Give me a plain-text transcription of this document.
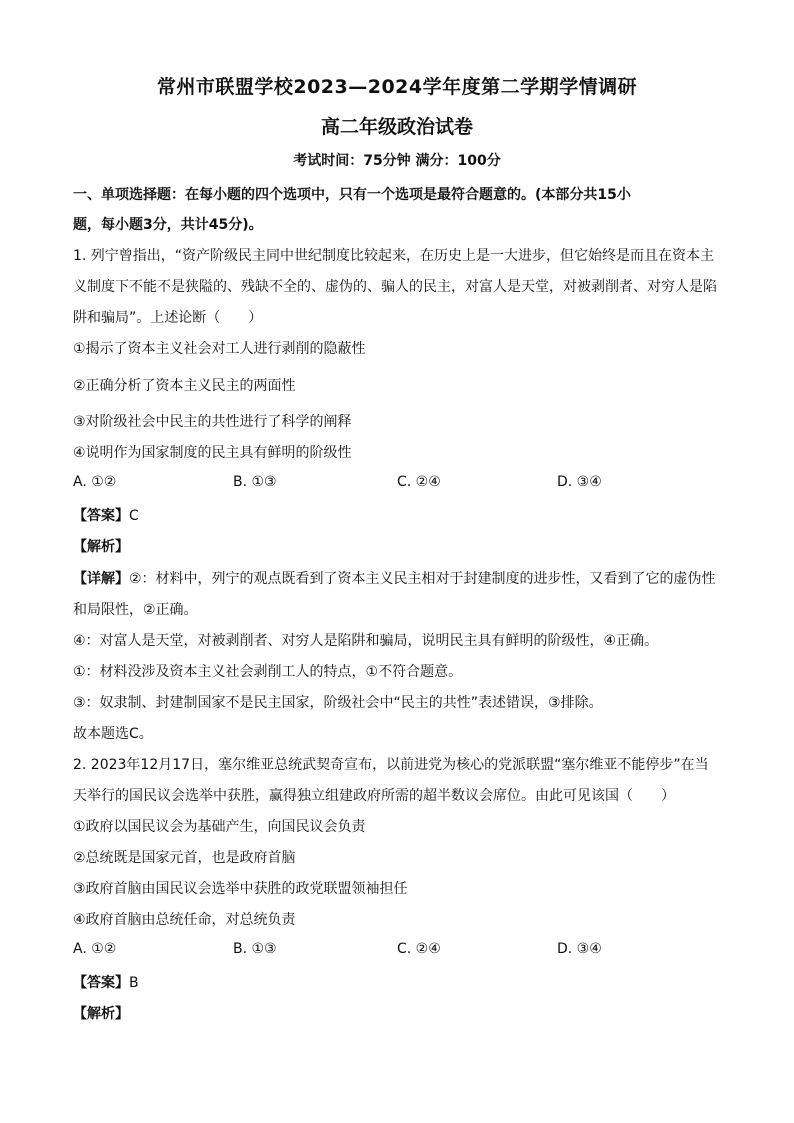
常州市联盟学校2023—2024学年度第二学期学情调研
高二年级政治试卷
考试时间：75分钟 满分：100分
一、单项选择题：在每小题的四个选项中，只有一个选项是最符合题意的。(本部分共15小
题，每小题3分，共计45分)。
1. 列宁曾指出，“资产阶级民主同中世纪制度比较起来，在历史上是一大进步，但它始终是而且在资本主
义制度下不能不是狭隘的、残缺不全的、虚伪的、骗人的民主，对富人是天堂，对被剥削者、对穷人是陷
阱和骗局”。上述论断（　　）
①揭示了资本主义社会对工人进行剥削的隐蔽性
②正确分析了资本主义民主的两面性
③对阶级社会中民主的共性进行了科学的阐释
④说明作为国家制度的民主具有鲜明的阶级性
A. ①②	B. ①③	C. ②④	D. ③④
【答案】C
【解析】
【详解】②：材料中，列宁的观点既看到了资本主义民主相对于封建制度的进步性，又看到了它的虚伪性
和局限性，②正确。
④：对富人是天堂，对被剥削者、对穷人是陷阱和骗局，说明民主具有鲜明的阶级性，④正确。
①：材料没涉及资本主义社会剥削工人的特点，①不符合题意。
③：奴隶制、封建制国家不是民主国家，阶级社会中“民主的共性”表述错误，③排除。
故本题选C。
2. 2023年12月17日，塞尔维亚总统武契奇宣布，以前进党为核心的党派联盟“塞尔维亚不能停步”在当
天举行的国民议会选举中获胜，赢得独立组建政府所需的超半数议会席位。由此可见该国（　　）
①政府以国民议会为基础产生，向国民议会负责
②总统既是国家元首，也是政府首脑
③政府首脑由国民议会选举中获胜的政党联盟领袖担任
④政府首脑由总统任命，对总统负责
A. ①②	B. ①③	C. ②④	D. ③④
【答案】B
【解析】
